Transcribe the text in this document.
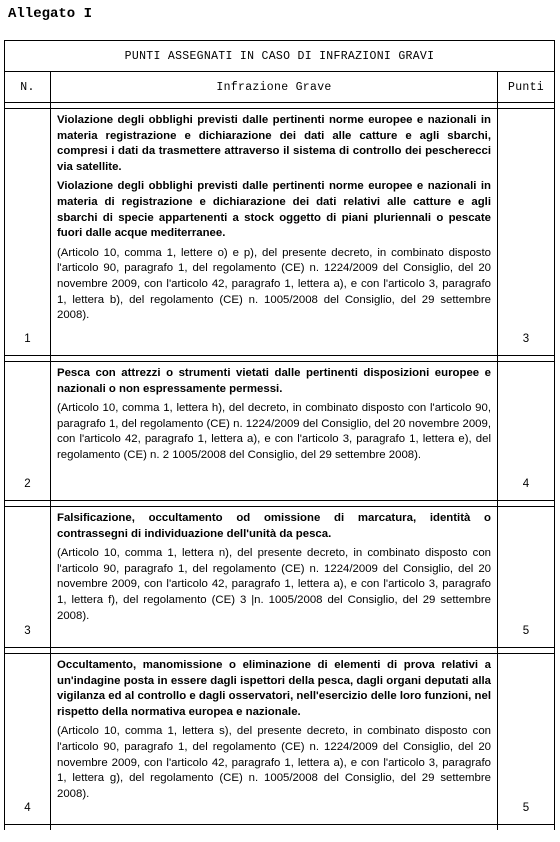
Allegato I
PUNTI ASSEGNATI IN CASO DI INFRAZIONI GRAVI		
N.	Infrazione Grave	Punti

1	Violazione degli obblighi previsti dalle pertinenti norme europee e nazionali in materia registrazione e dichiarazione dei dati alle catture e agli sbarchi, compresi i dati da trasmettere attraverso il sistema di controllo dei pescherecci via satellite.

Violazione degli obblighi previsti dalle pertinenti norme europee e nazionali in materia di registrazione e dichiarazione dei dati relativi alle catture e agli sbarchi di specie appartenenti a stock oggetto di piani pluriennali o pescate fuori dalle acque mediterranee.

(Articolo 10, comma 1, lettere o) e p), del presente decreto, in combinato disposto l'articolo 90, paragrafo 1, del regolamento (CE) n. 1224/2009 del Consiglio, del 20 novembre 2009, con l'articolo 42, paragrafo 1, lettera a), e con l'articolo 3, paragrafo 1, lettera b), del regolamento (CE) n. 1005/2008 del Consiglio, del 29 settembre 2008).	3

2	Pesca con attrezzi o strumenti vietati dalle pertinenti disposizioni europee e nazionali o non espressamente permessi.

(Articolo 10, comma 1, lettera h), del decreto, in combinato disposto con l'articolo 90, paragrafo 1, del regolamento (CE) n. 1224/2009 del Consiglio, del 20 novembre 2009, con l'articolo 42, paragrafo 1, lettera a), e con l'articolo 3, paragrafo 1, lettera e), del regolamento (CE) n. 2 1005/2008 del Consiglio, del 29 settembre 2008).	4

3	Falsificazione, occultamento od omissione di marcatura, identità o contrassegni di individuazione dell'unità da pesca.

(Articolo 10, comma 1, lettera n), del presente decreto, in combinato disposto con l'articolo 90, paragrafo 1, del regolamento (CE) n. 1224/2009 del Consiglio, del 20 novembre 2009, con l'articolo 42, paragrafo 1, lettera a), e con l'articolo 3, paragrafo 1, lettera f), del regolamento (CE) 3 |n. 1005/2008 del Consiglio, del 29 settembre 2008).	5

4	Occultamento, manomissione o eliminazione di elementi di prova relativi a un'indagine posta in essere dagli ispettori della pesca, dagli organi deputati alla vigilanza ed al controllo e dagli osservatori, nell'esercizio delle loro funzioni, nel rispetto della normativa europea e nazionale.

(Articolo 10, comma 1, lettera s), del presente decreto, in combinato disposto con l'articolo 90, paragrafo 1, del regolamento (CE) n. 1224/2009 del Consiglio, del 20 novembre 2009, con l'articolo 42, paragrafo 1, lettera a), e con l'articolo 3, paragrafo 1, lettera g), del regolamento (CE) n. 1005/2008 del Consiglio, del 29 settembre 2008).	5
